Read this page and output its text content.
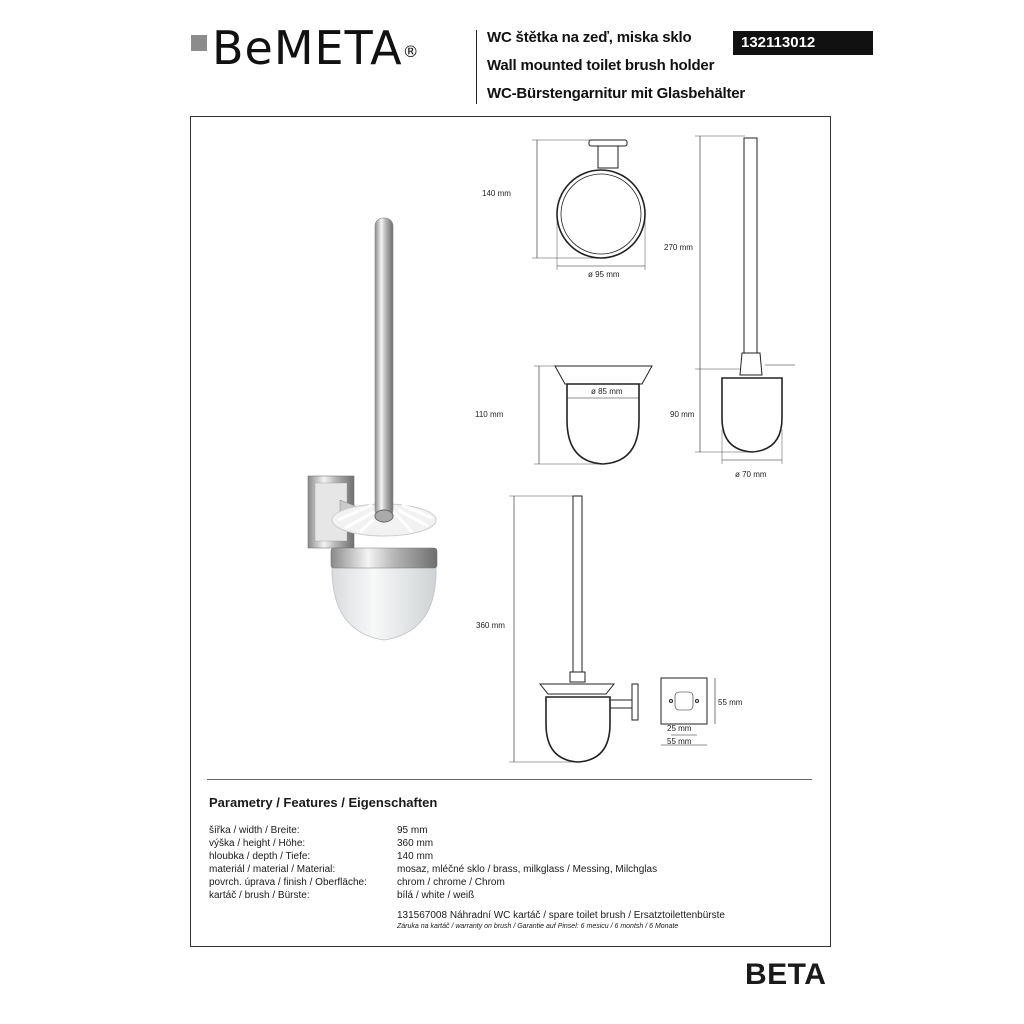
BeMETA®
WC štětka na zeď, miska sklo
Wall mounted toilet brush holder
WC-Bürstengarnitur mit Glasbehälter
132113012
140 mm
ø 95 mm
270 mm
90 mm
ø 70 mm
110 mm
ø 85 mm
360 mm
55 mm
25 mm
55 mm
Parametry / Features / Eigenschaften
šířka / width / Breite:	95 mm
výška / height / Höhe:	360 mm
hloubka / depth / Tiefe:	140 mm
materiál / material / Material:	mosaz, mléčné sklo / brass, milkglass / Messing, Milchglas
povrch. úprava / finish / Oberfläche:	chrom / chrome / Chrom
kartáč / brush / Bürste:	bílá / white / weiß
131567008 Náhradní WC kartáč / spare toilet brush / Ersatztoilettenbürste
Záruka na kartáč / warranty on brush / Garantie auf Pinsel: 6 mesicu / 6 montsh / 6 Monate
BETA
